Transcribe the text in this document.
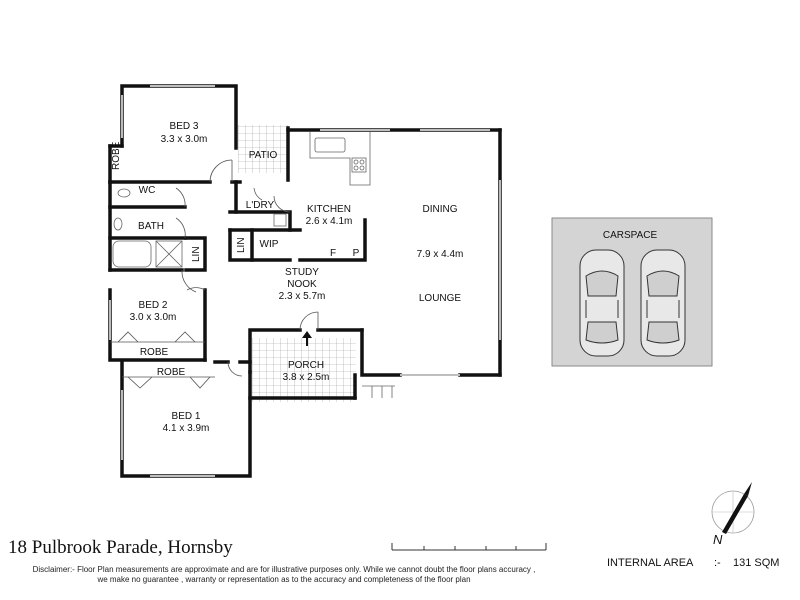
BED 3
3.3 x 3.0m
ROBE	PATIO
WC
L'DRY	KITCHEN
2.6 x 4.1m
F P
DINING
7.9 x 4.4m
LOUNGE
BATH
LIN
LIN WIP
STUDY
NOOK
2.3 x 5.7m
BED 2
3.0 x 3.0m
ROBE
ROBE
BED 1
4.1 x 3.9m
PORCH
3.8 x 2.5m
CARSPACE
18 Pulbrook Parade, Hornsby
Disclaimer:- Floor Plan measurements are approximate and are for illustrative purposes only. While we cannot doubt the floor plans accuracy ,
we make no guarantee , warranty or representation as to the accuracy and completeness of the floor plan
INTERNAL AREA :- 131 SQM
N
